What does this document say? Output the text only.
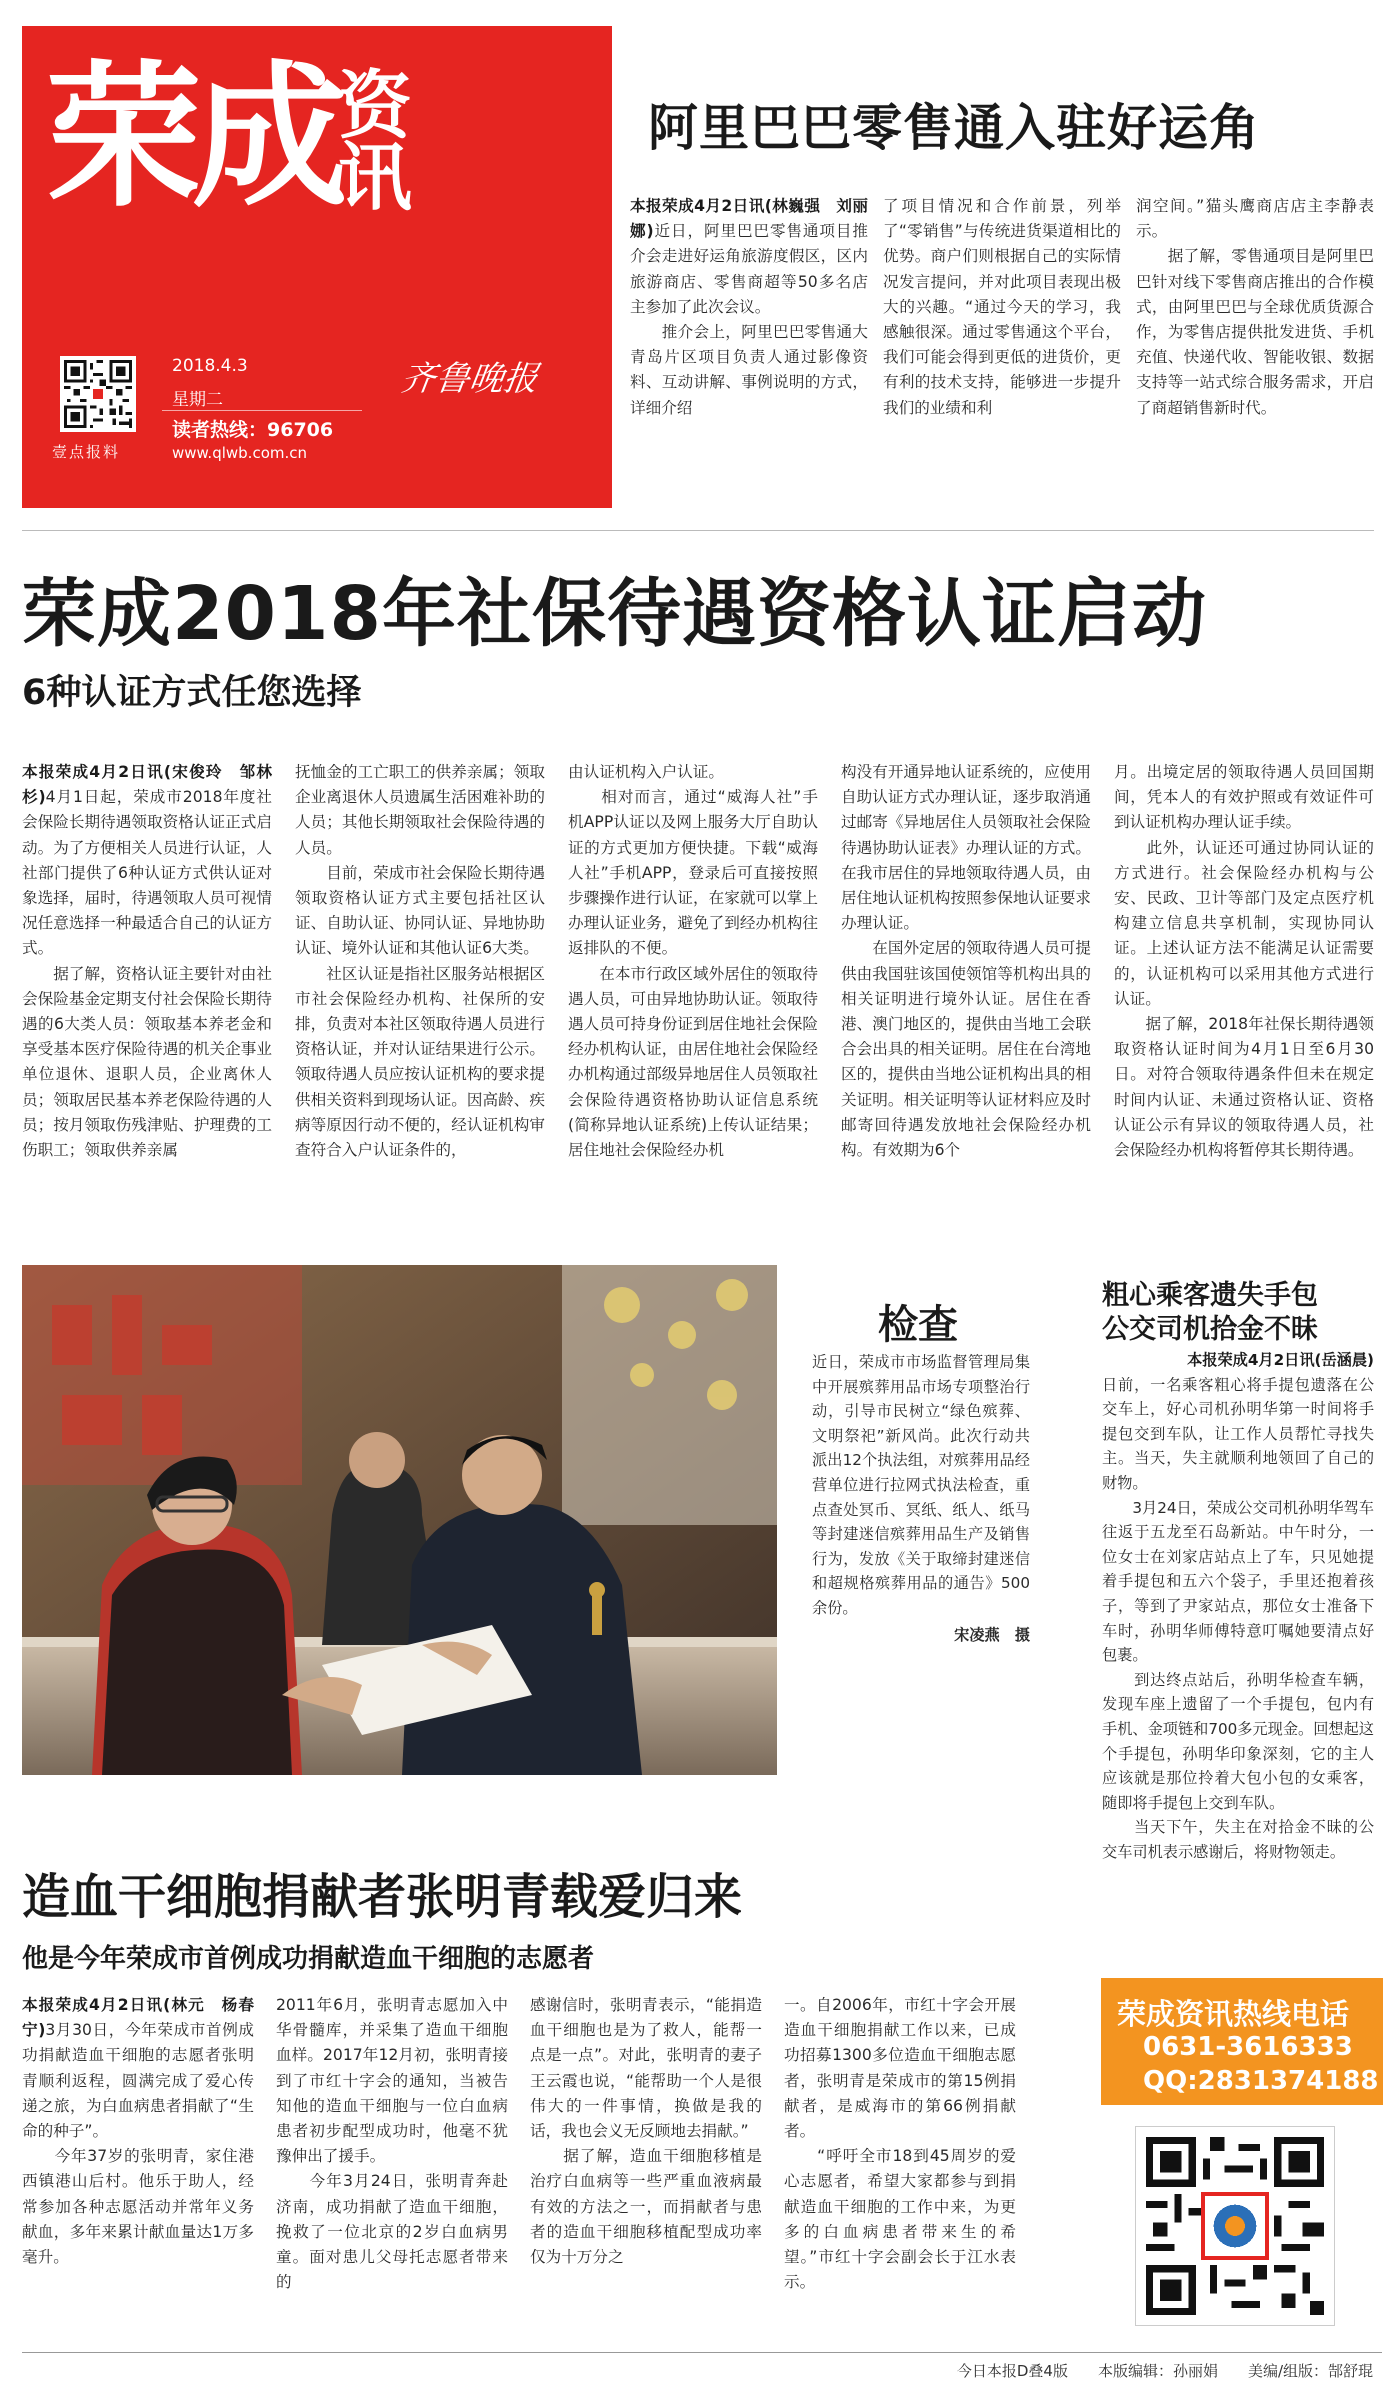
荣成资
讯
壹点报料
2018.4.3
星期二
读者热线：96706
www.qlwb.com.cn
齐鲁晚报
阿里巴巴零售通入驻好运角
本报荣成4月2日讯(林巍强　刘丽娜)近日，阿里巴巴零售通项目推介会走进好运角旅游度假区，区内旅游商店、零售商超等50多名店主参加了此次会议。
　　推介会上，阿里巴巴零售通大青岛片区项目负责人通过影像资料、互动讲解、事例说明的方式，详细介绍
了项目情况和合作前景，列举了“零销售”与传统进货渠道相比的优势。商户们则根据自己的实际情况发言提问，并对此项目表现出极大的兴趣。“通过今天的学习，我感触很深。通过零售通这个平台，我们可能会得到更低的进货价，更有利的技术支持，能够进一步提升我们的业绩和利
润空间。”猫头鹰商店店主李静表示。
　　据了解，零售通项目是阿里巴巴针对线下零售商店推出的合作模式，由阿里巴巴与全球优质货源合作，为零售店提供批发进货、手机充值、快递代收、智能收银、数据支持等一站式综合服务需求，开启了商超销售新时代。
荣成2018年社保待遇资格认证启动
6种认证方式任您选择
本报荣成4月2日讯(宋俊玲　邹林杉)4月1日起，荣成市2018年度社会保险长期待遇领取资格认证正式启动。为了方便相关人员进行认证，人社部门提供了6种认证方式供认证对象选择，届时，待遇领取人员可视情况任意选择一种最适合自己的认证方式。
　　据了解，资格认证主要针对由社会保险基金定期支付社会保险长期待遇的6大类人员：领取基本养老金和享受基本医疗保险待遇的机关企事业单位退休、退职人员，企业离休人员；领取居民基本养老保险待遇的人员；按月领取伤残津贴、护理费的工伤职工；领取供养亲属
抚恤金的工亡职工的供养亲属；领取企业离退休人员遗属生活困难补助的人员；其他长期领取社会保险待遇的人员。
　　目前，荣成市社会保险长期待遇领取资格认证方式主要包括社区认证、自助认证、协同认证、异地协助认证、境外认证和其他认证6大类。
　　社区认证是指社区服务站根据区市社会保险经办机构、社保所的安排，负责对本社区领取待遇人员进行资格认证，并对认证结果进行公示。领取待遇人员应按认证机构的要求提供相关资料到现场认证。因高龄、疾病等原因行动不便的，经认证机构审查符合入户认证条件的，
由认证机构入户认证。
　　相对而言，通过“威海人社”手机APP认证以及网上服务大厅自助认证的方式更加方便快捷。下载“威海人社”手机APP，登录后可直接按照步骤操作进行认证，在家就可以掌上办理认证业务，避免了到经办机构往返排队的不便。
　　在本市行政区域外居住的领取待遇人员，可由异地协助认证。领取待遇人员可持身份证到居住地社会保险经办机构认证，由居住地社会保险经办机构通过部级异地居住人员领取社会保险待遇资格协助认证信息系统(简称异地认证系统)上传认证结果；居住地社会保险经办机
构没有开通异地认证系统的，应使用自助认证方式办理认证，逐步取消通过邮寄《异地居住人员领取社会保险待遇协助认证表》办理认证的方式。在我市居住的异地领取待遇人员，由居住地认证机构按照参保地认证要求办理认证。
　　在国外定居的领取待遇人员可提供由我国驻该国使领馆等机构出具的相关证明进行境外认证。居住在香港、澳门地区的，提供由当地工会联合会出具的相关证明。居住在台湾地区的，提供由当地公证机构出具的相关证明。相关证明等认证材料应及时邮寄回待遇发放地社会保险经办机构。有效期为6个
月。出境定居的领取待遇人员回国期间，凭本人的有效护照或有效证件可到认证机构办理认证手续。
　　此外，认证还可通过协同认证的方式进行。社会保险经办机构与公安、民政、卫计等部门及定点医疗机构建立信息共享机制，实现协同认证。上述认证方法不能满足认证需要的，认证机构可以采用其他方式进行认证。
　　据了解，2018年社保长期待遇领取资格认证时间为4月1日至6月30日。对符合领取待遇条件但未在规定时间内认证、未通过资格认证、资格认证公示有异议的领取待遇人员，社会保险经办机构将暂停其长期待遇。
检查
近日，荣成市市场监督管理局集中开展殡葬用品市场专项整治行动，引导市民树立“绿色殡葬、文明祭祀”新风尚。此次行动共派出12个执法组，对殡葬用品经营单位进行拉网式执法检查，重点查处冥币、冥纸、纸人、纸马等封建迷信殡葬用品生产及销售行为，发放《关于取缔封建迷信和超规格殡葬用品的通告》500余份。
宋凌燕　摄
粗心乘客遗失手包
公交司机拾金不昧
本报荣成4月2日讯(岳涵晨)
日前，一名乘客粗心将手提包遗落在公交车上，好心司机孙明华第一时间将手提包交到车队，让工作人员帮忙寻找失主。当天，失主就顺利地领回了自己的财物。
　　3月24日，荣成公交司机孙明华驾车往返于五龙至石岛新站。中午时分，一位女士在刘家店站点上了车，只见她提着手提包和五六个袋子，手里还抱着孩子，等到了尹家站点，那位女士准备下车时，孙明华师傅特意叮嘱她要清点好包裹。
　　到达终点站后，孙明华检查车辆，发现车座上遗留了一个手提包，包内有手机、金项链和700多元现金。回想起这个手提包，孙明华印象深刻，它的主人应该就是那位拎着大包小包的女乘客，随即将手提包上交到车队。
　　当天下午，失主在对拾金不昧的公交车司机表示感谢后，将财物领走。
造血干细胞捐献者张明青载爱归来
他是今年荣成市首例成功捐献造血干细胞的志愿者
本报荣成4月2日讯(林元　杨春宁)3月30日，今年荣成市首例成功捐献造血干细胞的志愿者张明青顺利返程，圆满完成了爱心传递之旅，为白血病患者捐献了“生命的种子”。
　　今年37岁的张明青，家住港西镇港山后村。他乐于助人，经常参加各种志愿活动并常年义务献血，多年来累计献血量达1万多毫升。
2011年6月，张明青志愿加入中华骨髓库，并采集了造血干细胞血样。2017年12月初，张明青接到了市红十字会的通知，当被告知他的造血干细胞与一位白血病患者初步配型成功时，他毫不犹豫伸出了援手。
　　今年3月24日，张明青奔赴济南，成功捐献了造血干细胞，挽救了一位北京的2岁白血病男童。面对患儿父母托志愿者带来的
感谢信时，张明青表示，“能捐造血干细胞也是为了救人，能帮一点是一点”。对此，张明青的妻子王云霞也说，“能帮助一个人是很伟大的一件事情，换做是我的话，我也会义无反顾地去捐献。”
　　据了解，造血干细胞移植是治疗白血病等一些严重血液病最有效的方法之一，而捐献者与患者的造血干细胞移植配型成功率仅为十万分之
一。自2006年，市红十字会开展造血干细胞捐献工作以来，已成功招募1300多位造血干细胞志愿者，张明青是荣成市的第15例捐献者，是威海市的第66例捐献者。
　　“呼吁全市18到45周岁的爱心志愿者，希望大家都参与到捐献造血干细胞的工作中来，为更多的白血病患者带来生的希望。”市红十字会副会长于江水表示。
荣成资讯热线电话
0631-3616333
QQ:2831374188
今日本报D叠4版　　本版编辑：孙丽娟　　美编/组版：郜舒琨
